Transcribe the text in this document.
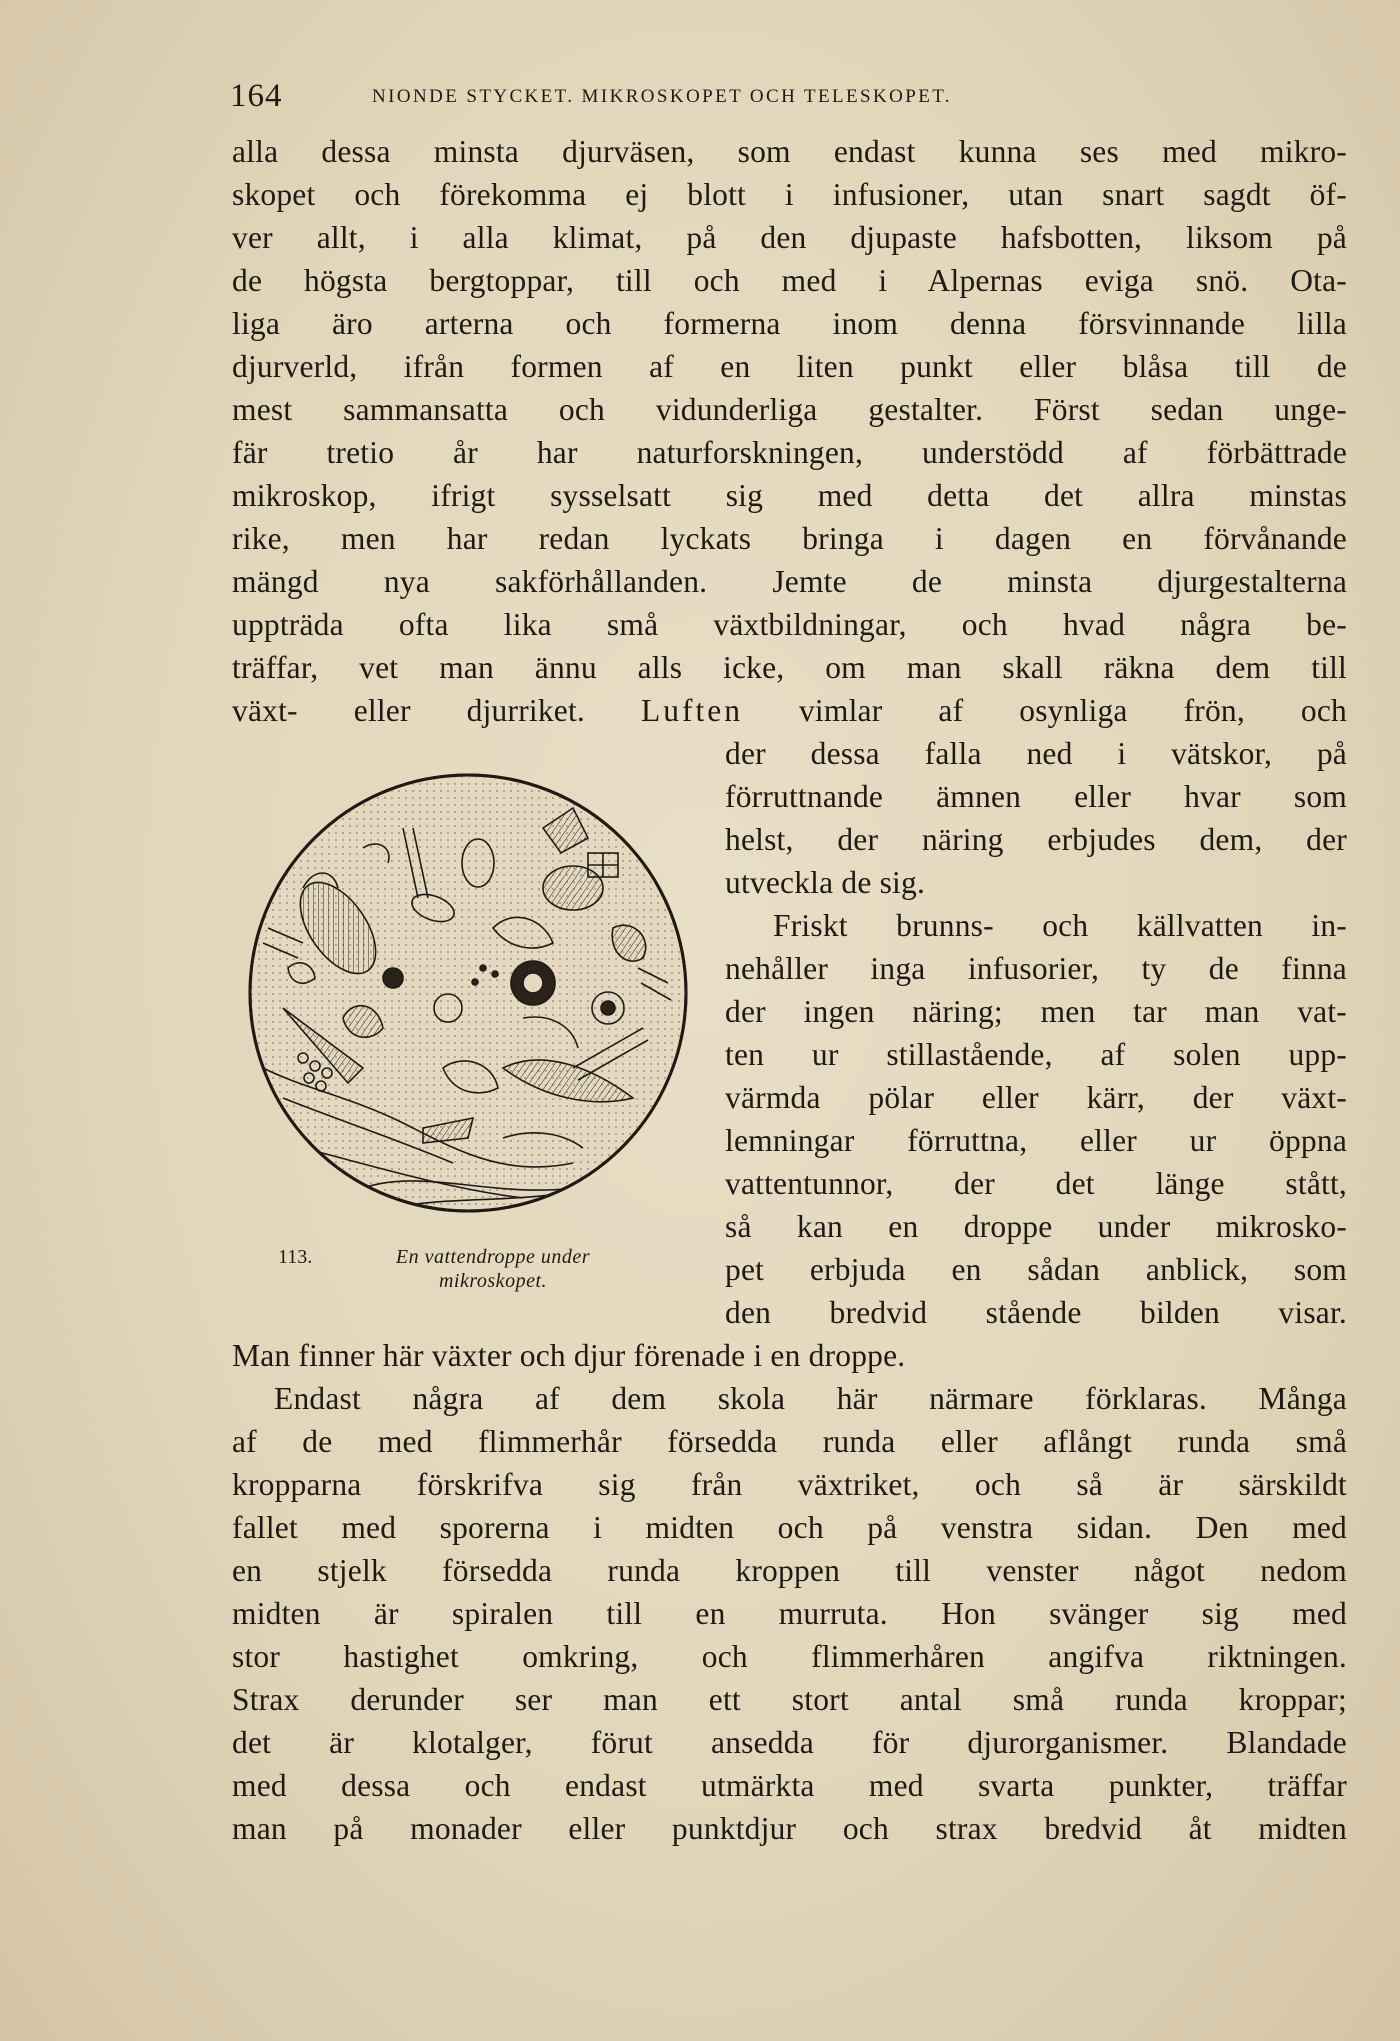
164	NIONDE STYCKET. MIKROSKOPET OCH TELESKOPET.
alla dessa minsta djurväsen, som endast kunna ses med mikro-
skopet och förekomma ej blott i infusioner, utan snart sagdt öf-
ver allt, i alla klimat, på den djupaste hafsbotten, liksom på
de högsta bergtoppar, till och med i Alpernas eviga snö. Ota-
liga äro arterna och formerna inom denna försvinnande lilla
djurverld, ifrån formen af en liten punkt eller blåsa till de
mest sammansatta och vidunderliga gestalter. Först sedan unge-
fär tretio år har naturforskningen, understödd af förbättrade
mikroskop, ifrigt sysselsatt sig med detta det allra minstas
rike, men har redan lyckats bringa i dagen en förvånande
mängd nya sakförhållanden. Jemte de minsta djurgestalterna
uppträda ofta lika små växtbildningar, och hvad några be-
träffar, vet man ännu alls icke, om man skall räkna dem till
växt- eller djurriket. Luften vimlar af osynliga frön, och
der dessa falla ned i vätskor, på
förruttnande ämnen eller hvar som
helst, der näring erbjudes dem, der
utveckla de sig.
Friskt brunns- och källvatten in-
nehåller inga infusorier, ty de finna
der ingen näring; men tar man vat-
ten ur stillastående, af solen upp-
värmda pölar eller kärr, der växt-
lemningar förruttna, eller ur öppna
vattentunnor, der det länge stått,
så kan en droppe under mikrosko-
pet erbjuda en sådan anblick, som
den bredvid stående bilden visar.
Man finner här växter och djur förenade i en droppe.
Endast några af dem skola här närmare förklaras. Många
af de med flimmerhår försedda runda eller aflångt runda små
kropparna förskrifva sig från växtriket, och så är särskildt
fallet med sporerna i midten och på venstra sidan. Den med
en stjelk försedda runda kroppen till venster något nedom
midten är spiralen till en murruta. Hon svänger sig med
stor hastighet omkring, och flimmerhåren angifva riktningen.
Strax derunder ser man ett stort antal små runda kroppar;
det är klotalger, förut ansedda för djurorganismer. Blandade
med dessa och endast utmärkta med svarta punkter, träffar
man på monader eller punktdjur och strax bredvid åt midten
113.	En vattendroppe under
mikroskopet.
